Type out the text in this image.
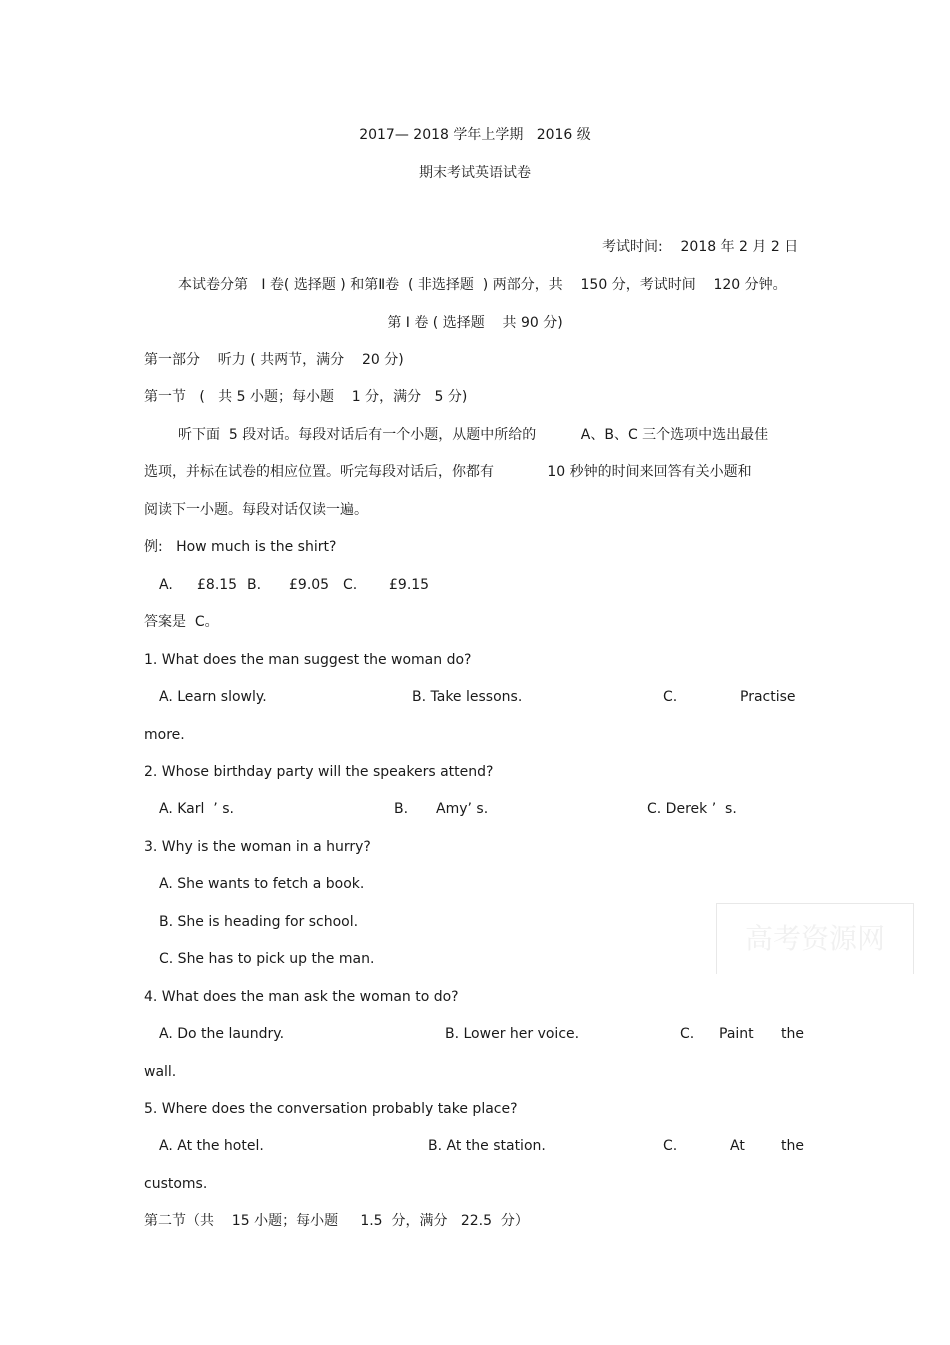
2017— 2018 学年上学期   2016 级
期末考试英语试卷
考试时间:    2018 年 2 月 2 日
本试卷分第   Ⅰ 卷( 选择题 ) 和第Ⅱ卷  ( 非选择题  ) 两部分，共    150 分，考试时间    120 分钟。
第 Ⅰ 卷 ( 选择题    共 90 分)
第一部分    听力 ( 共两节，满分    20 分)
第一节   (   共 5 小题；每小题    1 分，满分   5 分)
听下面  5 段对话。每段对话后有一个小题，从题中所给的          A、B、C 三个选项中选出最佳
选项，并标在试卷的相应位置。听完每段对话后，你都有            10 秒钟的时间来回答有关小题和
阅读下一小题。每段对话仅读一遍。
例:   How much is the shirt?
A. £8.15 B. £9.05 C. £9.15
答案是  C。
1. What does the man suggest the woman do?
A. Learn slowly.	B. Take lessons.	C.	Practise
more.
2. Whose birthday party will the speakers attend?
A. Karl  ’ s.	B. Amy’ s.	C. Derek ’  s.
3. Why is the woman in a hurry?
A. She wants to fetch a book.
B. She is heading for school.
C. She has to pick up the man.
4. What does the man ask the woman to do?
A. Do the laundry.	B. Lower her voice.	C. Paint the
wall.
5. Where does the conversation probably take place?
A. At the hotel.	B. At the station.	C.	At	the
customs.
第二节（共    15 小题；每小题     1.5  分，满分   22.5  分）
高考资源网
